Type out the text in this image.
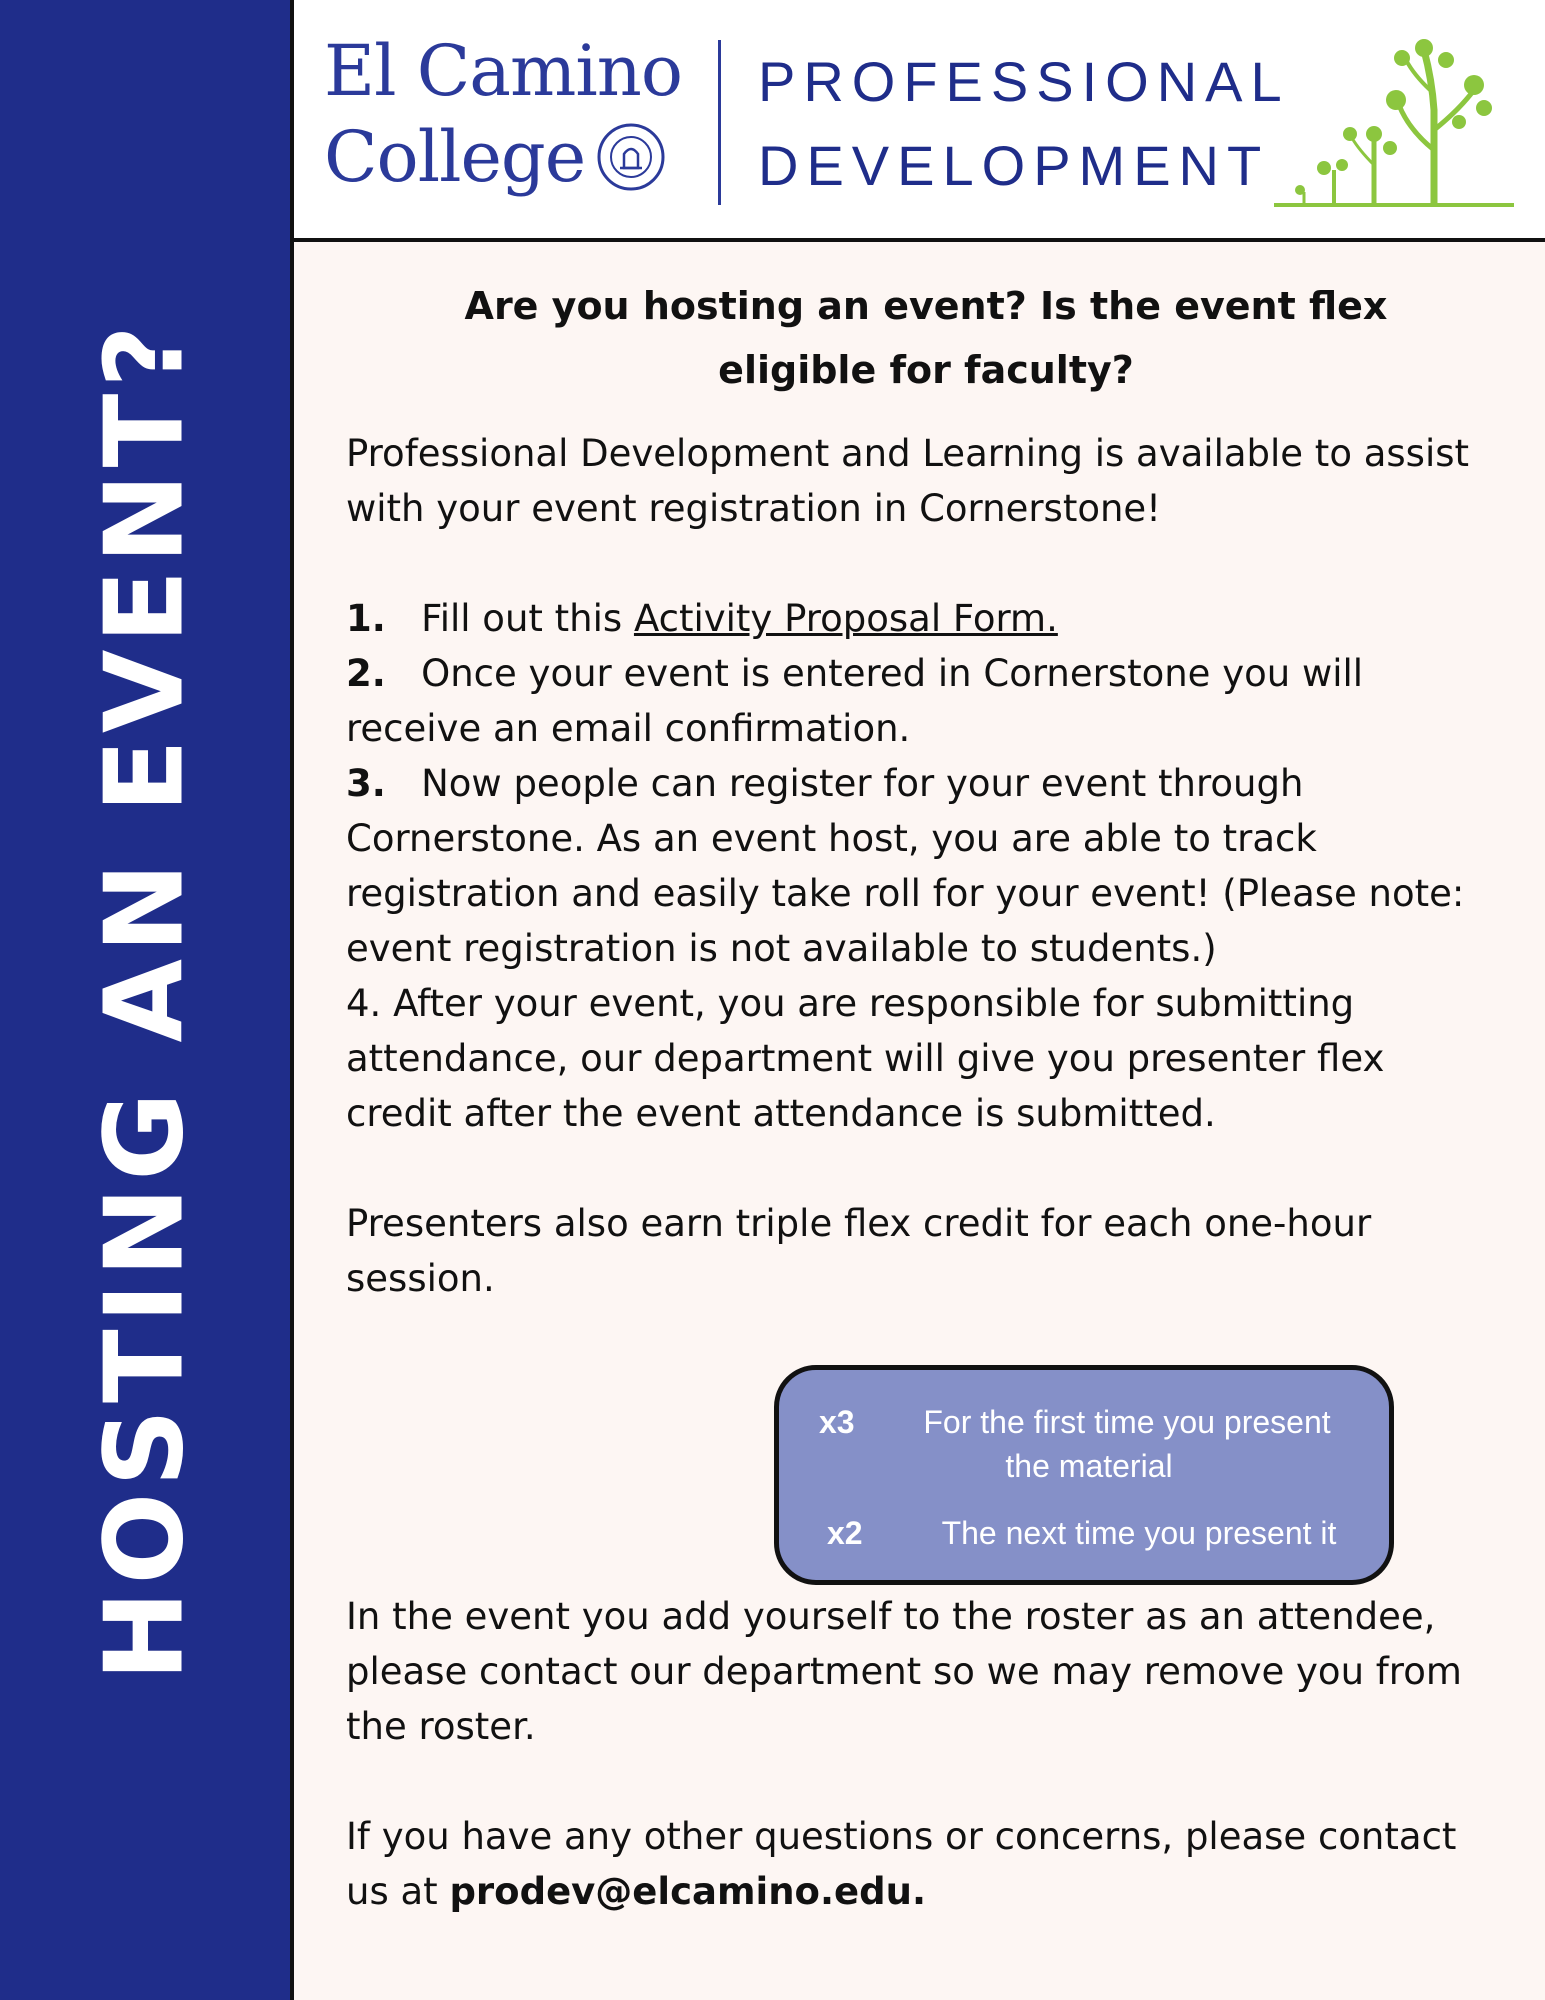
HOSTING AN EVENT?
El Camino
College
PROFESSIONAL
DEVELOPMENT
Are you hosting an event? Is the event flex
eligible for faculty?

Professional Development and Learning is available to assist with your event registration in Cornerstone!

1. Fill out this Activity Proposal Form.

2. Once your event is entered in Cornerstone you will receive an email confirmation.

3. Now people can register for your event through Cornerstone. As an event host, you are able to track registration and easily take roll for your event! (Please note: event registration is not available to students.)

4. After your event, you are responsible for submitting attendance, our department will give you presenter flex credit after the event attendance is submitted.

Presenters also earn triple flex credit for each one-hour session.

In the event you add yourself to the roster as an attendee, please contact our department so we may remove you from the roster.

If you have any other questions or concerns, please contact us at prodev@elcamino.edu.

x3	For the first time you present
the material
x2	The next time you present it
